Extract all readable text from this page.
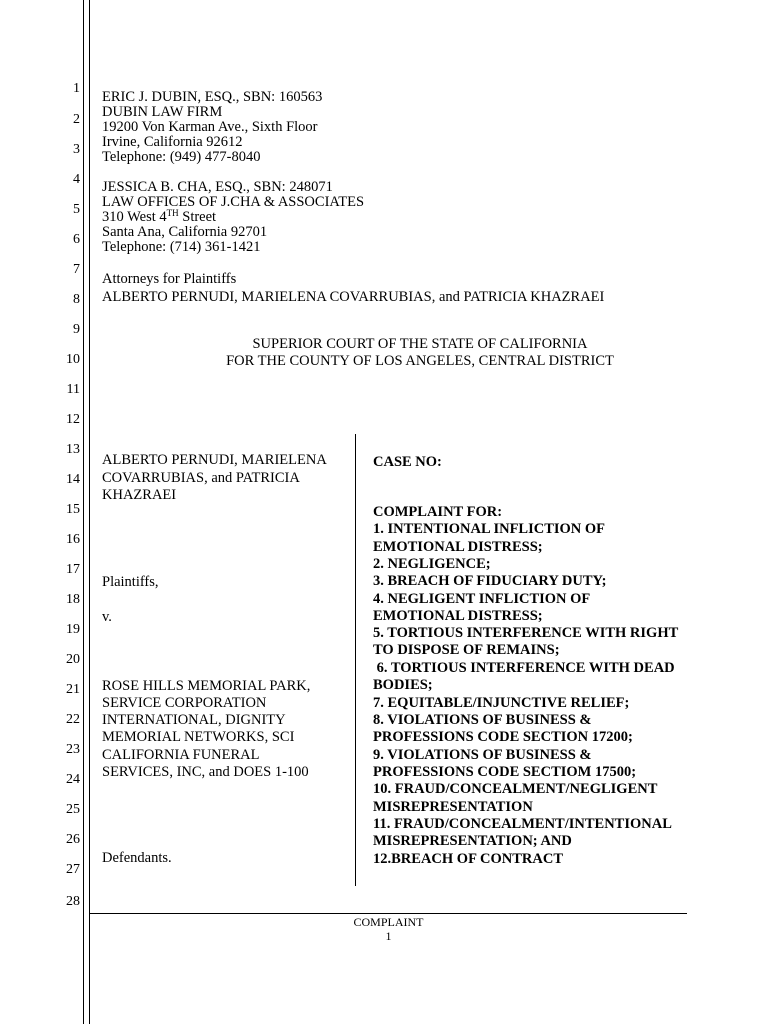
1
2
3
4
5
6
7
8
9
10
11
12
13
14
15
16
17
18
19
20
21
22
23
24
25
26
27
28
ERIC J. DUBIN, ESQ., SBN: 160563
DUBIN LAW FIRM
19200 Von Karman Ave., Sixth Floor
Irvine, California 92612
Telephone: (949) 477-8040
JESSICA B. CHA, ESQ., SBN: 248071
LAW OFFICES OF J.CHA & ASSOCIATES
310 West 4TH Street
Santa Ana, California 92701
Telephone: (714) 361-1421
Attorneys for Plaintiffs
ALBERTO PERNUDI, MARIELENA COVARRUBIAS, and PATRICIA KHAZRAEI
SUPERIOR COURT OF THE STATE OF CALIFORNIA
FOR THE COUNTY OF LOS ANGELES, CENTRAL DISTRICT
ALBERTO PERNUDI, MARIELENA
COVARRUBIAS, and PATRICIA
KHAZRAEI
Plaintiffs,
v.
ROSE HILLS MEMORIAL PARK,
SERVICE CORPORATION
INTERNATIONAL, DIGNITY
MEMORIAL NETWORKS, SCI
CALIFORNIA FUNERAL
SERVICES, INC, and DOES 1-100
Defendants.
CASE NO:
COMPLAINT FOR:
1. INTENTIONAL INFLICTION OF
EMOTIONAL DISTRESS;
2. NEGLIGENCE;
3. BREACH OF FIDUCIARY DUTY;
4. NEGLIGENT INFLICTION OF
EMOTIONAL DISTRESS;
5. TORTIOUS INTERFERENCE WITH RIGHT
TO DISPOSE OF REMAINS;
6. TORTIOUS INTERFERENCE WITH DEAD
BODIES;
7. EQUITABLE/INJUNCTIVE RELIEF;
8. VIOLATIONS OF BUSINESS &
PROFESSIONS CODE SECTION 17200;
9. VIOLATIONS OF BUSINESS &
PROFESSIONS CODE SECTIOM 17500;
10. FRAUD/CONCEALMENT/NEGLIGENT
MISREPRESENTATION
11. FRAUD/CONCEALMENT/INTENTIONAL
MISREPRESENTATION; AND
12.BREACH OF CONTRACT
COMPLAINT
1
